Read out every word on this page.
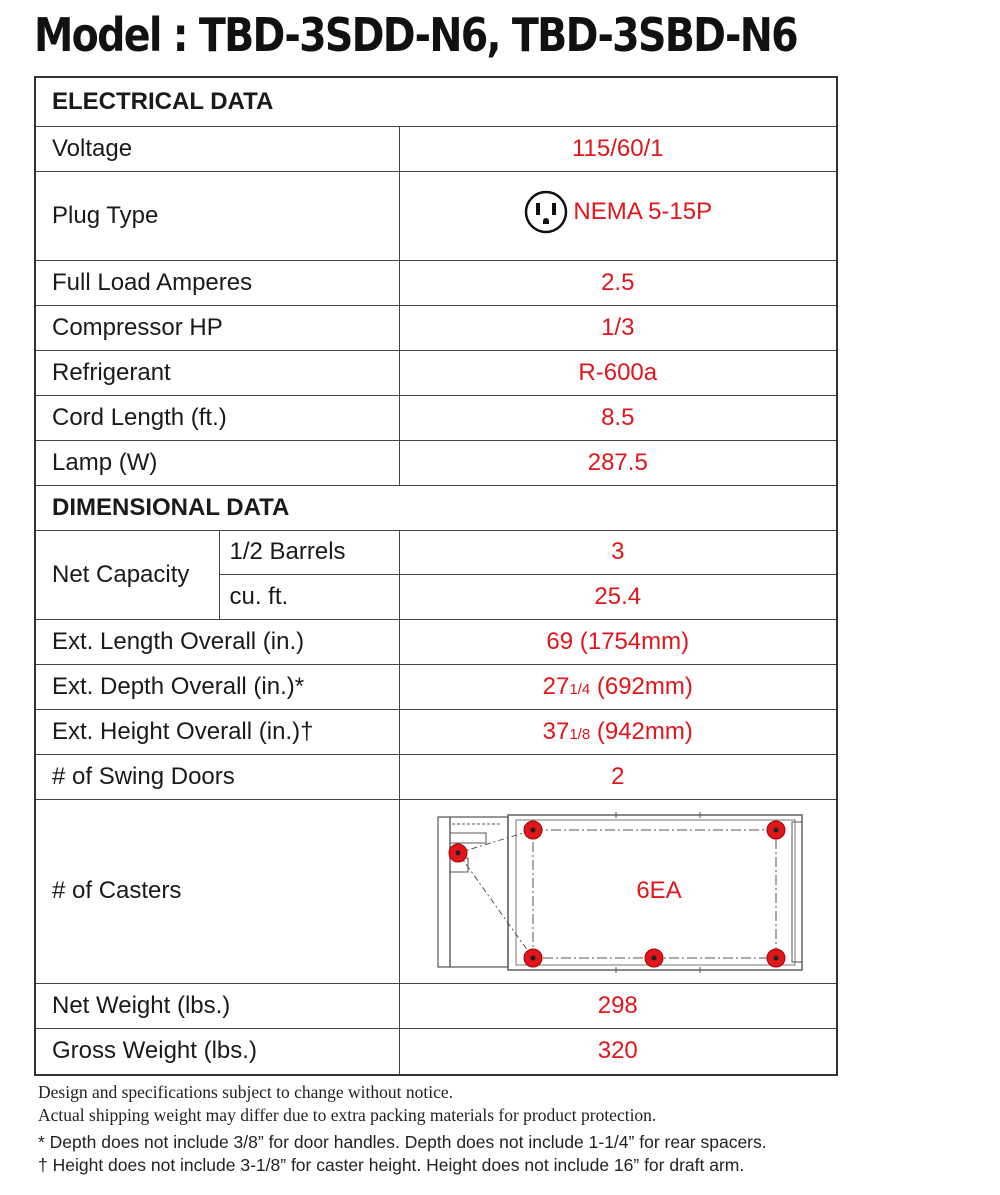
Model : TBD-3SDD-N6, TBD-3SBD-N6
ELECTRICAL DATA		
Voltage		115/60/1
Plug Type		NEMA 5-15P

Full Load Amperes		2.5
Compressor HP		1/3
Refrigerant		R-600a
Cord Length (ft.)		8.5
Lamp (W)		287.5
DIMENSIONAL DATA		
Net Capacity	1/2 Barrels	3
	cu. ft.	25.4
Ext. Length Overall (in.)		69 (1754mm)
Ext. Depth Overall (in.)*		271/4 (692mm)
Ext. Height Overall (in.)†		371/8 (942mm)
# of Swing Doors		2
# of Casters		6EA

Net Weight (lbs.)		298
Gross Weight (lbs.)		320
Design and specifications subject to change without notice.
Actual shipping weight may differ due to extra packing materials for product protection.
* Depth does not include 3/8” for door handles. Depth does not include 1-1/4” for rear spacers.
† Height does not include 3-1/8” for caster height. Height does not include 16” for draft arm.
